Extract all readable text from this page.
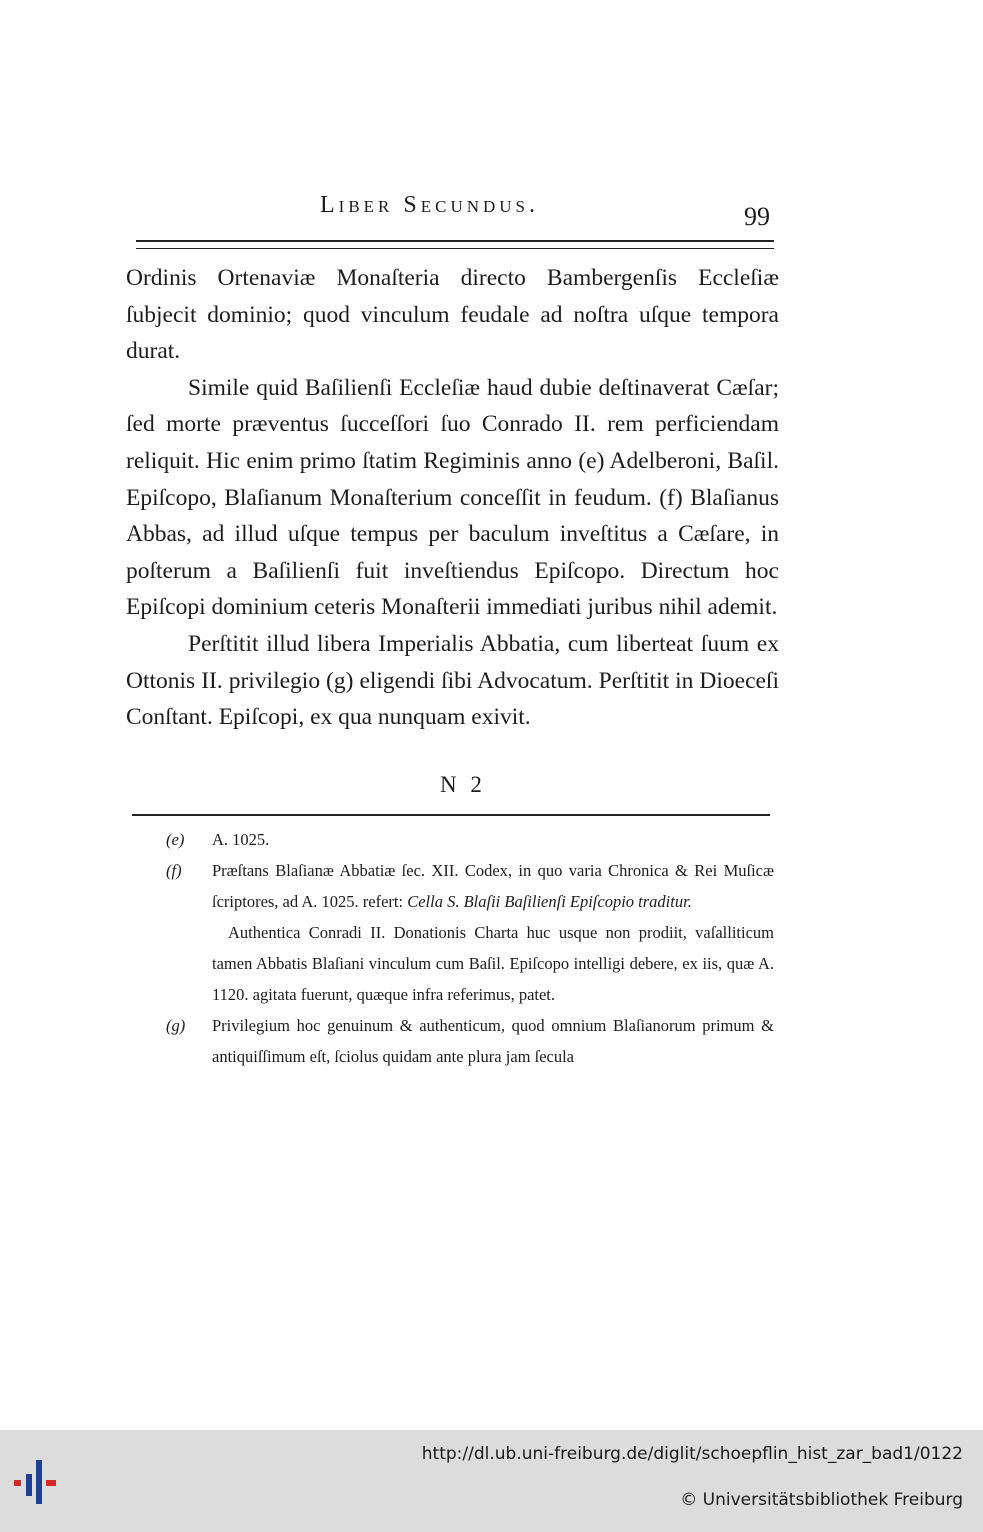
Liber Secundus.	99

Ordinis Ortenaviæ Monaſteria directo Bambergenſis Eccleſiæ ſubjecit dominio; quod vinculum feudale ad noſtra uſque tempora durat.

Simile quid Baſilienſi Eccleſiæ haud dubie deſtinaverat Cæſar; ſed morte præventus ſucceſſori ſuo Conrado II. rem perficiendam reliquit. Hic enim primo ſtatim Regiminis anno (e) Adelberoni, Baſil. Epiſcopo, Blaſianum Monaſterium conceſſit in feudum. (f) Blaſianus Abbas, ad illud uſque tempus per baculum inveſtitus a Cæſare, in poſterum a Baſilienſi fuit inveſtiendus Epiſcopo. Directum hoc Epiſcopi dominium ceteris Monaſterii immediati juribus nihil ademit.

Perſtitit illud libera Imperialis Abbatia, cum liberteat ſuum ex Ottonis II. privilegio (g) eligendi ſibi Advocatum. Perſtitit in Dioeceſi Conſtant. Epiſcopi, ex qua nunquam exivit.

N 2
(e) A. 1025.
(f) Præſtans Blaſianæ Abbatiæ ſec. XII. Codex, in quo varia Chronica & Rei Muſicæ ſcriptores, ad A. 1025. refert: Cella S. Blaſii Baſilienſi Epiſcopio traditur.
Authentica Conradi II. Donationis Charta huc usque non prodiit, vaſalliticum tamen Abbatis Blaſiani vinculum cum Baſil. Epiſcopo intelligi debere, ex iis, quæ A. 1120. agitata fuerunt, quæque infra referimus, patet.
(g) Privilegium hoc genuinum & authenticum, quod omnium Blaſianorum primum & antiquiſſimum eſt, ſciolus quidam ante plura jam ſecula
http://dl.ub.uni-freiburg.de/diglit/schoepflin_hist_zar_bad1/0122
© Universitätsbibliothek Freiburg
